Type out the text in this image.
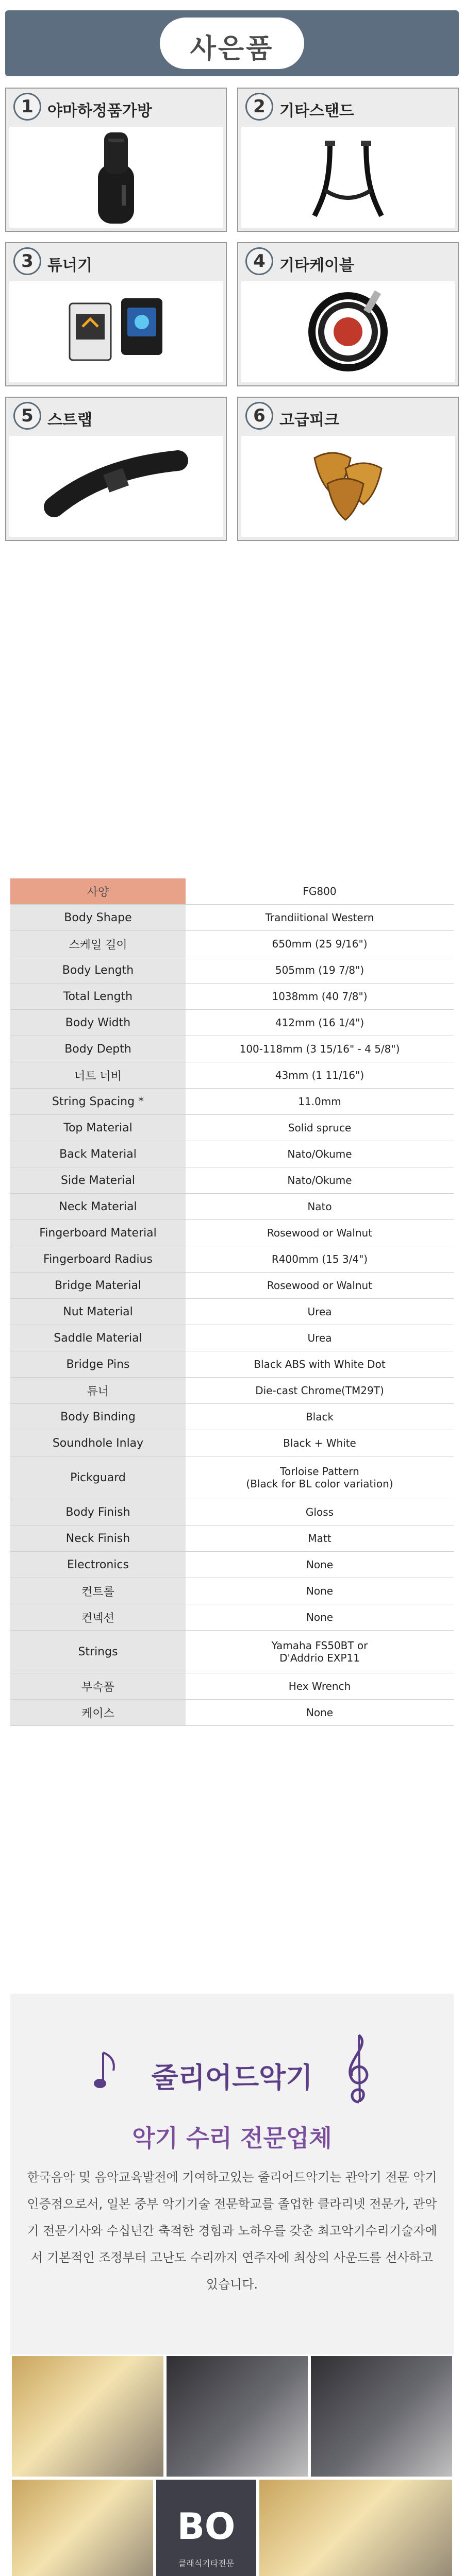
사은품
1 야마하정품가방	2 기타스탠드
3 튜너기	4 기타케이블
5 스트랩	6 고급피크
사양	FG800
Body Shape	Trandiitional Western
스케일 길이	650mm (25 9/16")
Body Length	505mm (19 7/8")
Total Length	1038mm (40 7/8")
Body Width	412mm (16 1/4")
Body Depth	100-118mm (3 15/16" - 4 5/8")
너트 너비	43mm (1 11/16")
String Spacing *	11.0mm
Top Material	Solid spruce
Back Material	Nato/Okume
Side Material	Nato/Okume
Neck Material	Nato
Fingerboard Material	Rosewood or Walnut
Fingerboard Radius	R400mm (15 3/4")
Bridge Material	Rosewood or Walnut
Nut Material	Urea
Saddle Material	Urea
Bridge Pins	Black ABS with White Dot
튜너	Die-cast Chrome(TM29T)
Body Binding	Black
Soundhole Inlay	Black + White
Pickguard	Torloise Pattern
(Black for BL color variation)

Body Finish	Gloss
Neck Finish	Matt
Electronics	None
컨트롤	None
컨넥션	None
Strings	Yamaha FS50BT or
D'Addrio EXP11

부속품	Hex Wrench
케이스	None
줄리어드악기
악기 수리 전문업체
한국음악 및 음악교육발전에 기여하고있는 줄리어드악기는 관악기 전문 악기 인증점으로서, 일본 중부 악기기술 전문학교를 졸업한 클라리넷 전문가, 관악기 전문기사와 수십년간 축적한 경험과 노하우를 갖춘 최고악기수리기술자에서 기본적인 조정부터 고난도 수리까지 연주자에 최상의 사운드를 선사하고 있습니다.
BO
클래식기타전문
